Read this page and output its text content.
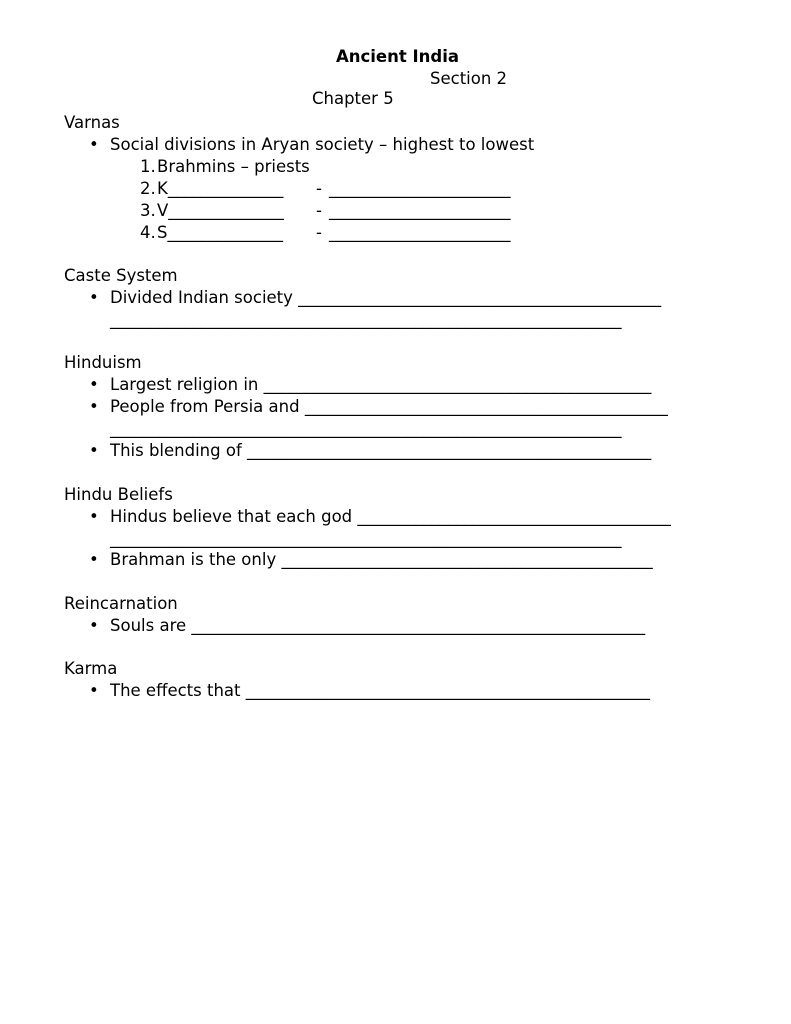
Ancient India

Chapter 5

Section 2

Varnas

•

Social divisions in Aryan society – highest to lowest

1.

Brahmins – priests

2.

K______________

-

______________________

3.

V______________

-

______________________

4.

S______________

-

______________________

Caste System

•

Divided Indian society ____________________________________________

______________________________________________________________
Hinduism

•

Largest religion in _______________________________________________

•

People from Persia and ____________________________________________

______________________________________________________________

•

This blending of _________________________________________________

Hindu Beliefs

•

Hindus believe that each god ______________________________________

______________________________________________________________

•

Brahman is the only _____________________________________________

Reincarnation

•

Souls are _______________________________________________________

Karma

•

The effects that _________________________________________________
